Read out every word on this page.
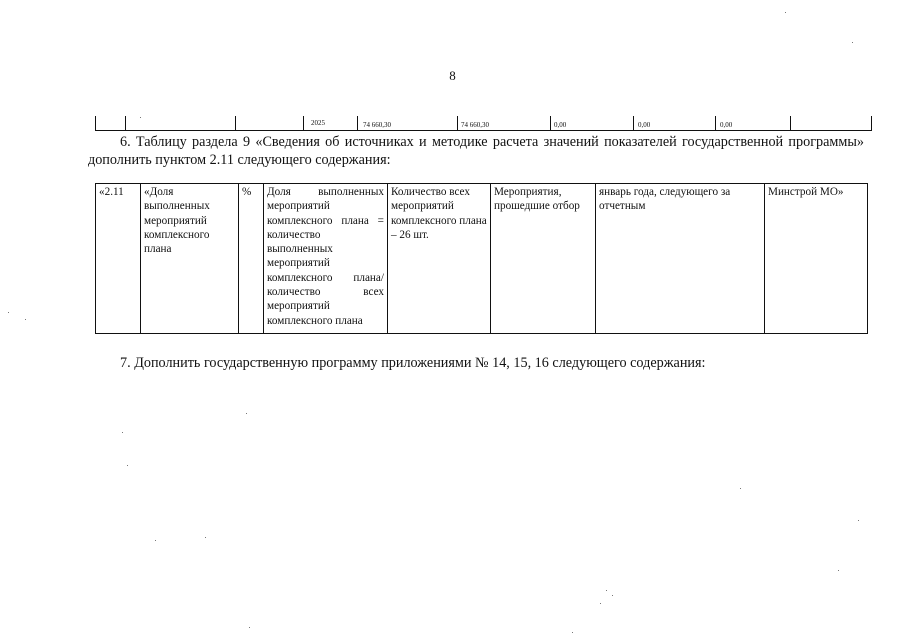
8
2025	74 660,30	74 660,30	0,00	0,00	0,00

6. Таблицу раздела 9 «Сведения об источниках и методике расчета значений показателей государственной программы» дополнить пунктом 2.11 следующего содержания:

«2.11	«Доля выполненных мероприятий комплексного плана	%	Доля выполненных мероприятий комплексного плана = количество выполненных мероприятий комплексного плана/количество всех мероприятий комплексного плана	Количество всех мероприятий комплексного плана – 26 шт.	Мероприятия, прошедшие отбор	январь года, следующего за отчетным	Минстрой МО»

7. Дополнить государственную программу приложениями № 14, 15, 16 следующего содержания:
